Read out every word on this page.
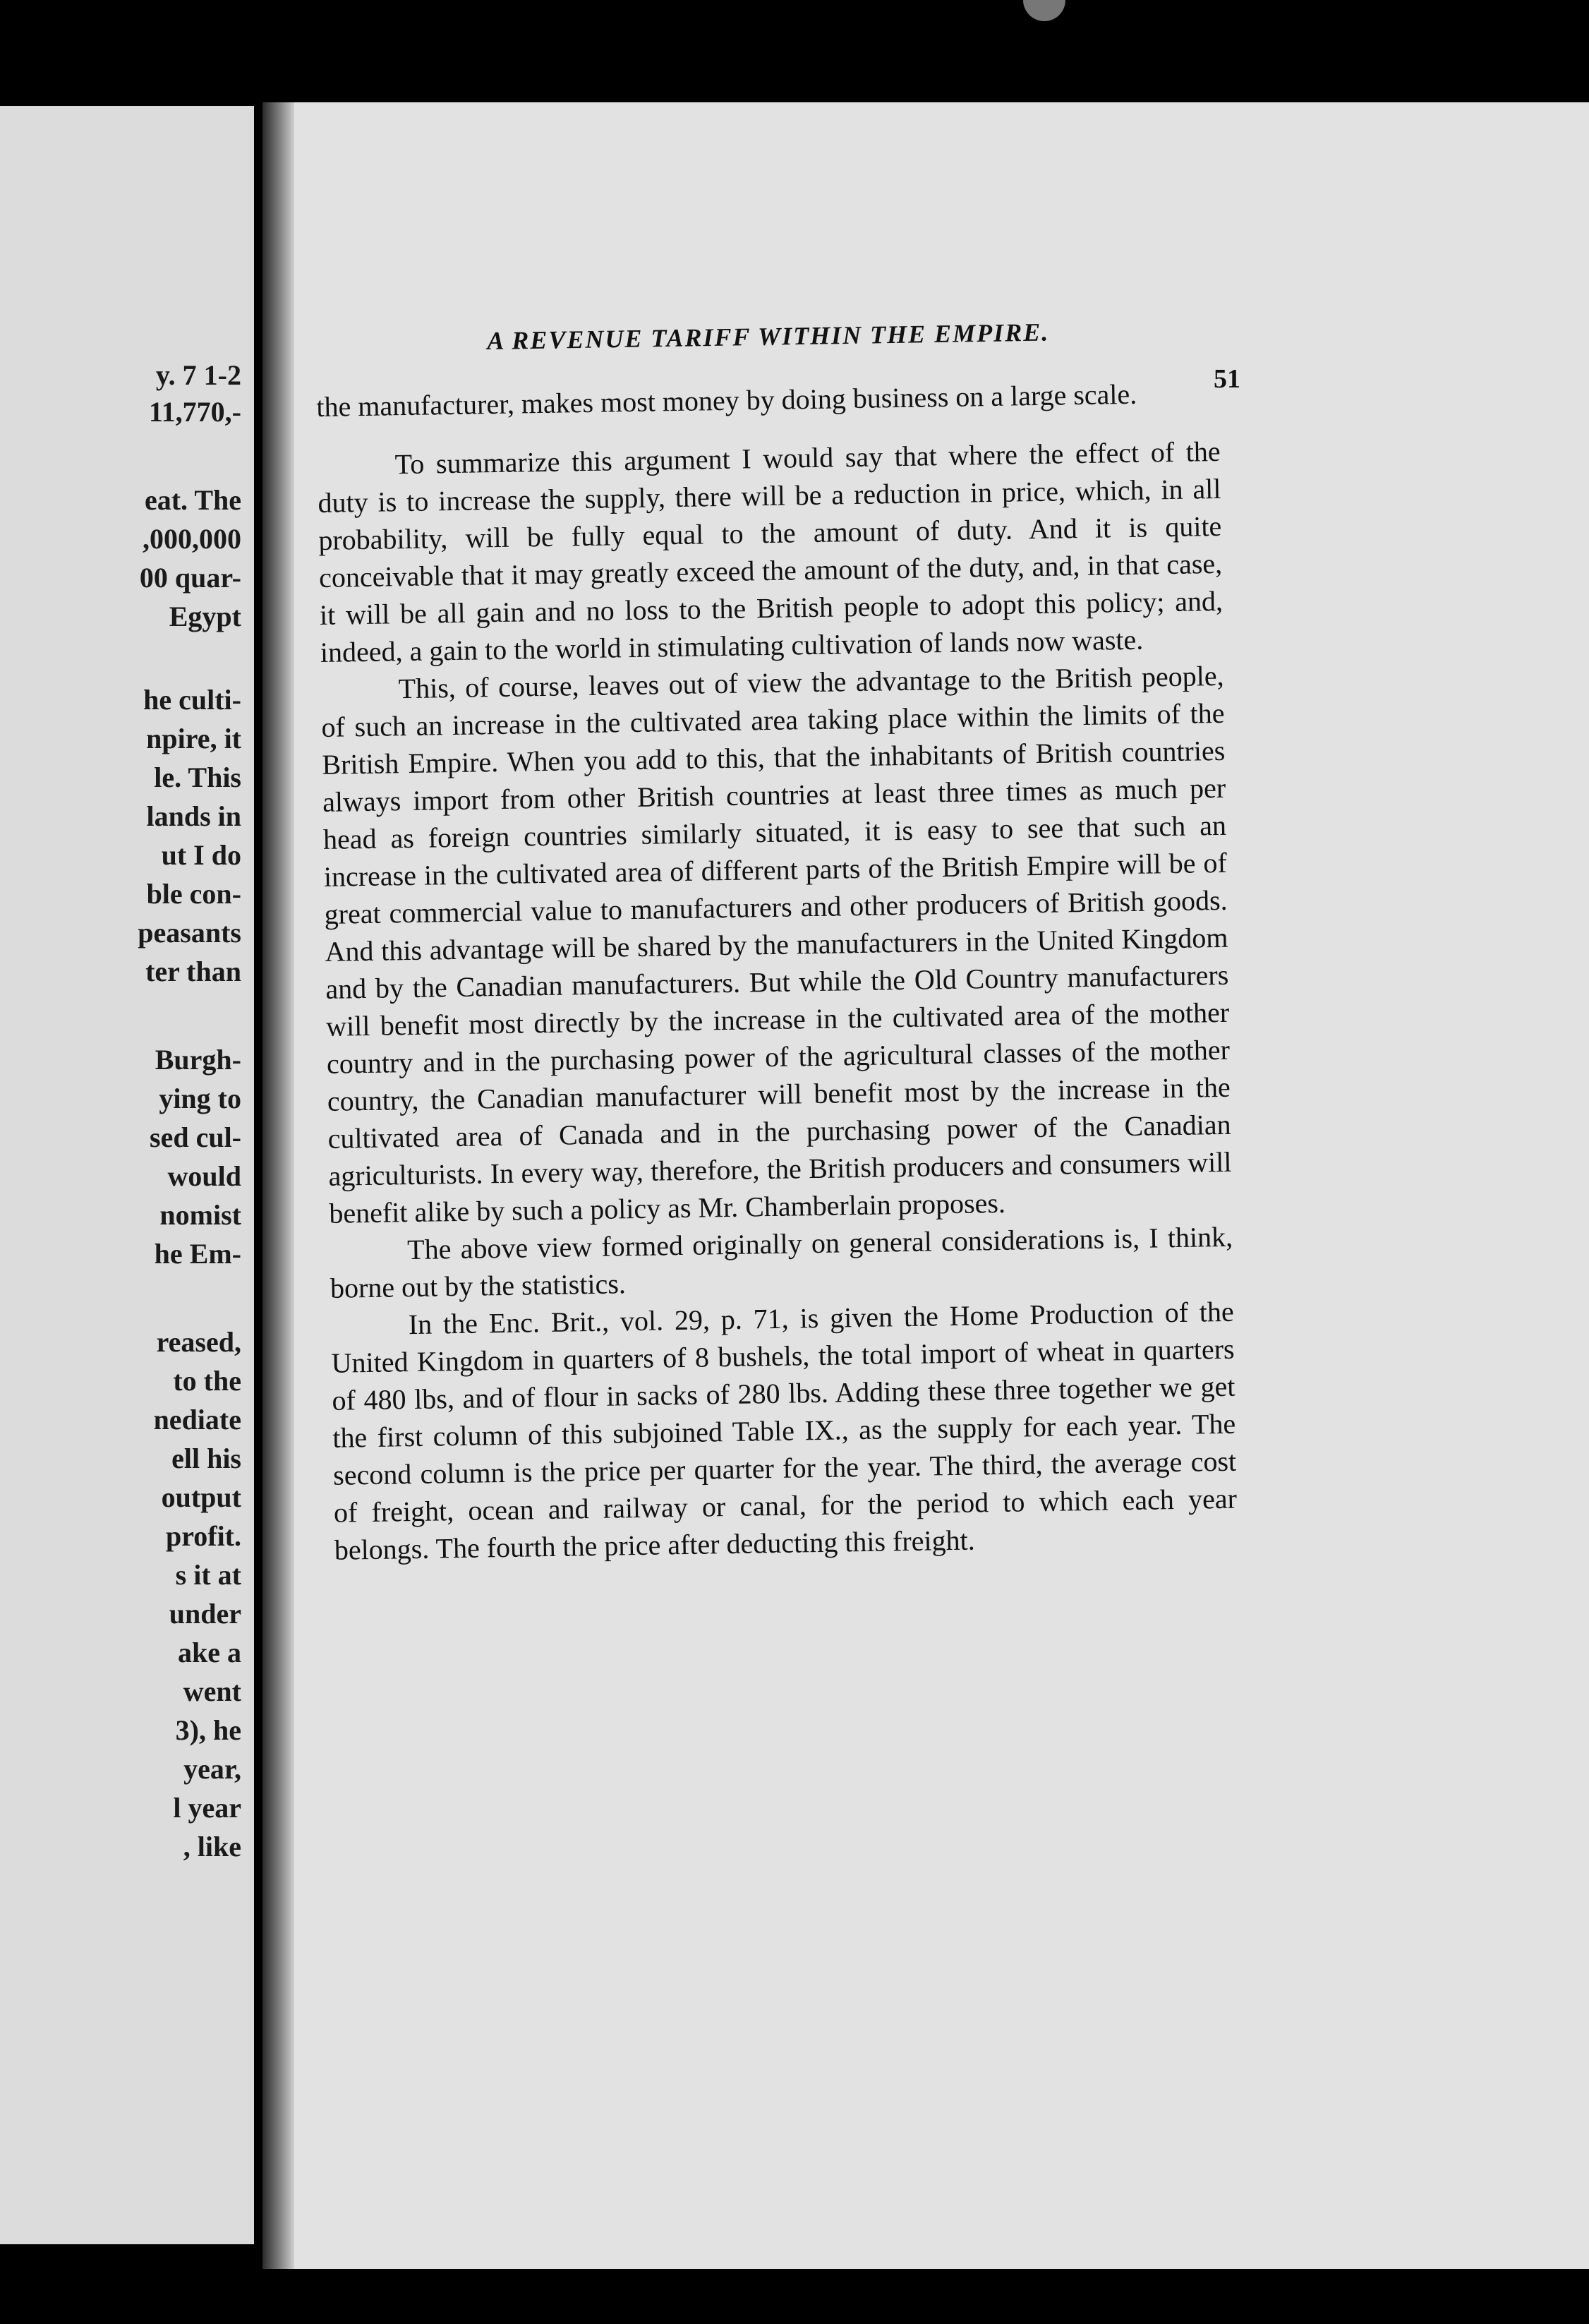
y. 7 1-2
11,770,-
eat. The
,000,000
00 quar-
Egypt
he culti-
npire, it
le. This
lands in
ut I do
ble con-
peasants
ter than
Burgh-
ying to
sed cul-
would
nomist
he Em-
reased,
to the
nediate
ell his
output
profit.
s it at
under
ake a
went
3), he
year,
l year
, like
A REVENUE TARIFF WITHIN THE EMPIRE.
51

the manufacturer, makes most money by doing business on a large scale.

To summarize this argument I would say that where the effect of the duty is to increase the supply, there will be a reduction in price, which, in all probability, will be fully equal to the amount of duty. And it is quite conceivable that it may greatly exceed the amount of the duty, and, in that case, it will be all gain and no loss to the British people to adopt this policy; and, indeed, a gain to the world in stimulating cultivation of lands now waste.

This, of course, leaves out of view the advantage to the British people, of such an increase in the cultivated area taking place within the limits of the British Empire. When you add to this, that the inhabitants of British countries always import from other British countries at least three times as much per head as foreign countries similarly situated, it is easy to see that such an increase in the cultivated area of different parts of the British Empire will be of great commercial value to manufacturers and other producers of British goods. And this advantage will be shared by the manufacturers in the United Kingdom and by the Canadian manufacturers. But while the Old Country manufacturers will benefit most directly by the increase in the cultivated area of the mother country and in the purchasing power of the agricultural classes of the mother country, the Canadian manufacturer will benefit most by the increase in the cultivated area of Canada and in the purchasing power of the Canadian agriculturists. In every way, therefore, the British producers and consumers will benefit alike by such a policy as Mr. Chamberlain proposes.

The above view formed originally on general considerations is, I think, borne out by the statistics.

In the Enc. Brit., vol. 29, p. 71, is given the Home Production of the United Kingdom in quarters of 8 bushels, the total import of wheat in quarters of 480 lbs, and of flour in sacks of 280 lbs. Adding these three together we get the first column of this subjoined Table IX., as the supply for each year. The second column is the price per quarter for the year. The third, the average cost of freight, ocean and railway or canal, for the period to which each year belongs. The fourth the price after deducting this freight.
